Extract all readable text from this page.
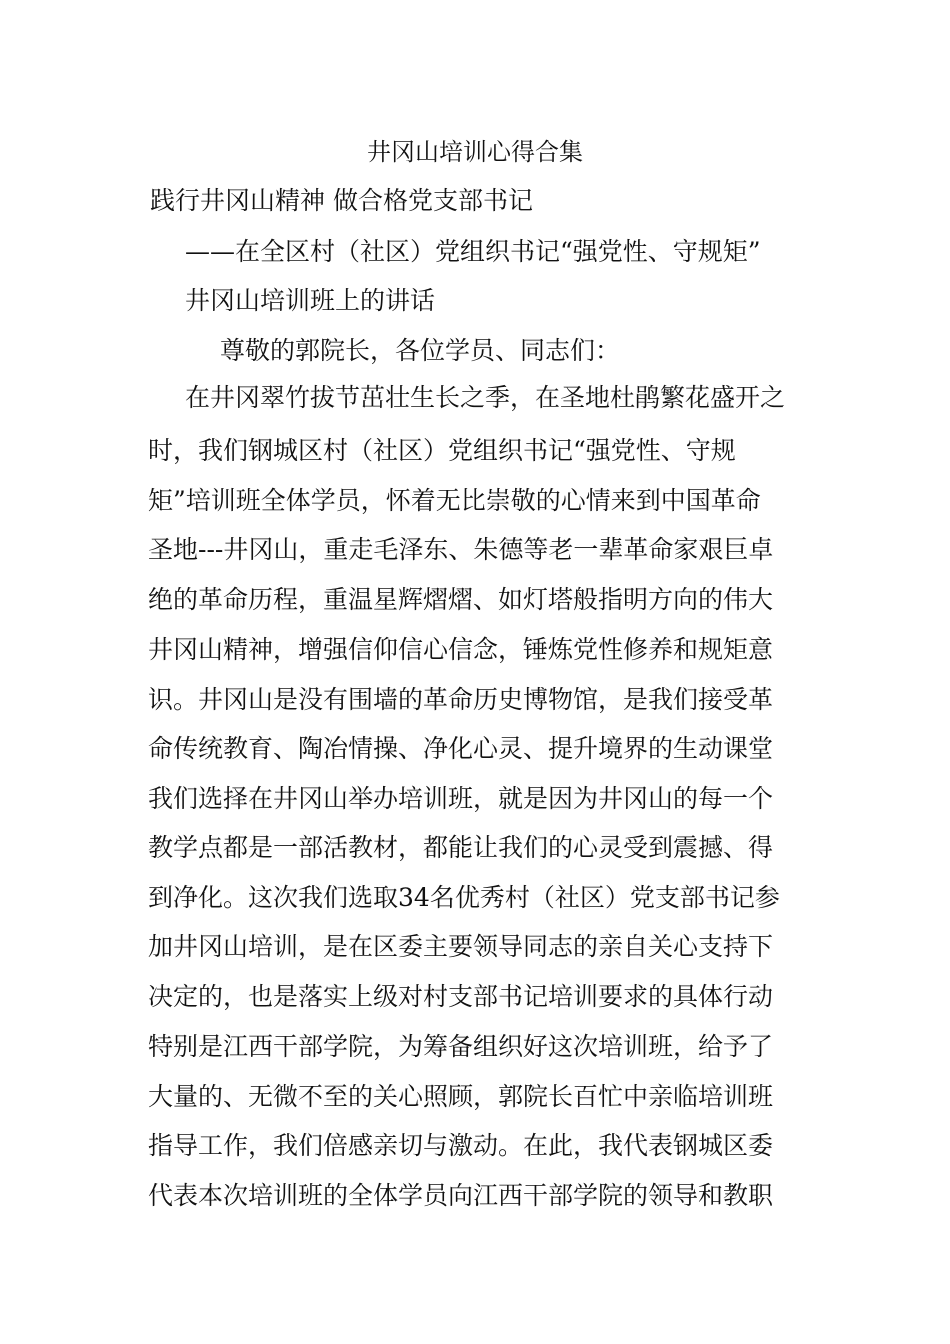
井冈山培训心得合集
践行井冈山精神 做合格党支部书记
——在全区村（社区）党组织书记“强党性、守规矩”
井冈山培训班上的讲话
尊敬的郭院长，各位学员、同志们：
在井冈翠竹拔节茁壮生长之季，在圣地杜鹃繁花盛开之
时，我们钢城区村（社区）党组织书记“强党性、守规
矩”培训班全体学员，怀着无比崇敬的心情来到中国革命
圣地---井冈山，重走毛泽东、朱德等老一辈革命家艰巨卓
绝的革命历程，重温星辉熠熠、如灯塔般指明方向的伟大
井冈山精神，增强信仰信心信念，锤炼党性修养和规矩意
识。井冈山是没有围墙的革命历史博物馆，是我们接受革
命传统教育、陶冶情操、净化心灵、提升境界的生动课堂
我们选择在井冈山举办培训班，就是因为井冈山的每一个
教学点都是一部活教材，都能让我们的心灵受到震撼、得
到净化。这次我们选取34名优秀村（社区）党支部书记参
加井冈山培训，是在区委主要领导同志的亲自关心支持下
决定的，也是落实上级对村支部书记培训要求的具体行动
特别是江西干部学院，为筹备组织好这次培训班，给予了
大量的、无微不至的关心照顾，郭院长百忙中亲临培训班
指导工作，我们倍感亲切与激动。在此，我代表钢城区委
代表本次培训班的全体学员向江西干部学院的领导和教职
